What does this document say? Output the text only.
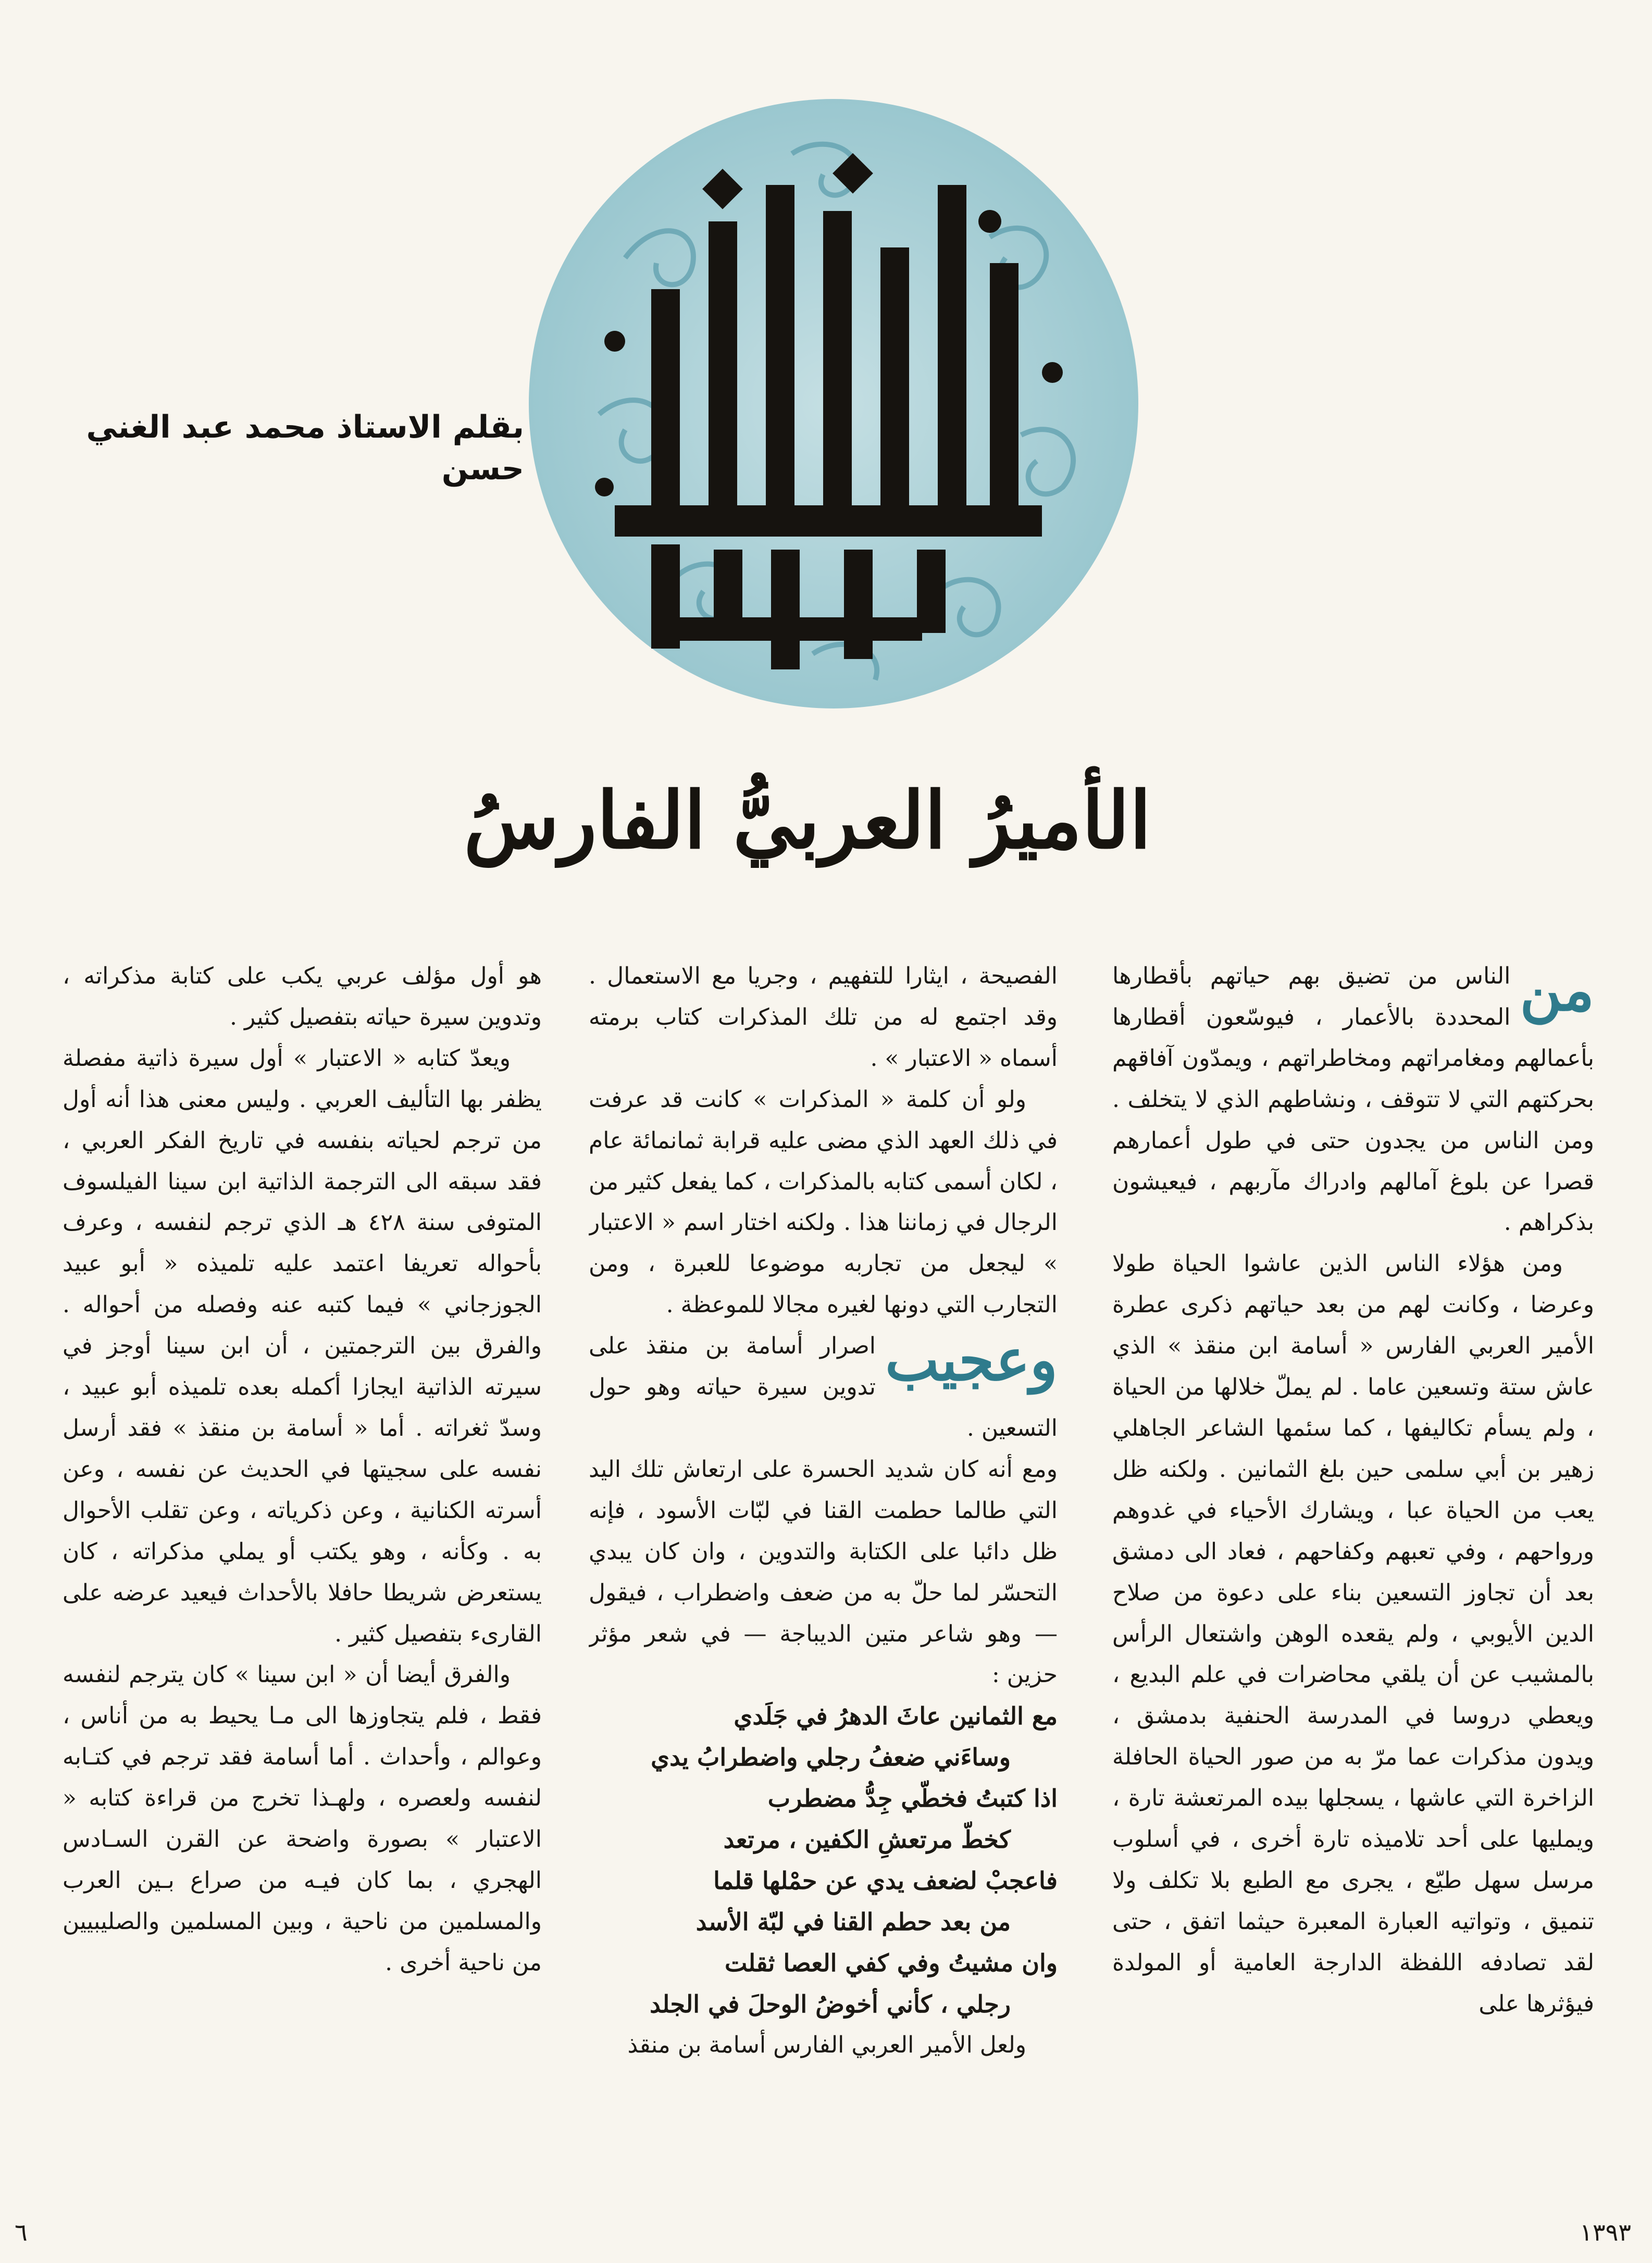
بقلم الاستاذ محمد عبد الغني حسن
الأميرُ العربيُّ الفارسُ

من
الناس من تضيق بهم حياتهم بأقطارها المحددة بالأعمار ، فيوسّعون أقطارها بأعمالهم ومغامراتهم ومخاطراتهم ، ويمدّون آفاقهم بحركتهم التي لا تتوقف ، ونشاطهم الذي لا يتخلف . ومن الناس من يجدون حتى في طول أعمارهم قصرا عن بلوغ آمالهم وادراك مآربهم ، فيعيشون بذكراهم .

ومن هؤلاء الناس الذين عاشوا الحياة طولا وعرضا ، وكانت لهم من بعد حياتهم ذكرى عطرة الأمير العربي الفارس « أسامة ابن منقذ » الذي عاش ستة وتسعين عاما . لم يملّ خلالها من الحياة ، ولم يسأم تكاليفها ، كما سئمها الشاعر الجاهلي زهير بن أبي سلمى حين بلغ الثمانين . ولكنه ظل يعب من الحياة عبا ، ويشارك الأحياء في غدوهم ورواحهم ، وفي تعبهم وكفاحهم ، فعاد الى دمشق بعد أن تجاوز التسعين بناء على دعوة من صلاح الدين الأيوبي ، ولم يقعده الوهن واشتعال الرأس بالمشيب عن أن يلقي محاضرات في علم البديع ، ويعطي دروسا في المدرسة الحنفية بدمشق ، ويدون مذكرات عما مرّ به من صور الحياة الحافلة الزاخرة التي عاشها ، يسجلها بيده المرتعشة تارة ، ويمليها على أحد تلاميذه تارة أخرى ، في أسلوب مرسل سهل طيّع ، يجرى مع الطبع بلا تكلف ولا تنميق ، وتواتيه العبارة المعبرة حيثما اتفق ، حتى لقد تصادفه اللفظة الدارجة العامية أو المولدة فيؤثرها على

الفصيحة ، ايثارا للتفهيم ، وجريا مع الاستعمال . وقد اجتمع له من تلك المذكرات كتاب برمته أسماه « الاعتبار » .

ولو أن كلمة « المذكرات » كانت قد عرفت في ذلك العهد الذي مضى عليه قرابة ثمانمائة عام ، لكان أسمى كتابه بالمذكرات ، كما يفعل كثير من الرجال في زماننا هذا . ولكنه اختار اسم « الاعتبار » ليجعل من تجاربه موضوعا للعبرة ، ومن التجارب التي دونها لغيره مجالا للموعظة .

وعجيب
اصرار أسامة بن منقذ على تدوين سيرة حياته وهو حول التسعين .

ومع أنه كان شديد الحسرة على ارتعاش تلك اليد التي طالما حطمت القنا في لبّات الأسود ، فإنه ظل دائبا على الكتابة والتدوين ، وان كان يبدي التحسّر لما حلّ به من ضعف واضطراب ، فيقول — وهو شاعر متين الديباجة — في شعر مؤثر حزين :

مع الثمانين عاثَ الدهرُ في جَلَدي

وساءَني ضعفُ رجلي واضطرابُ يدي

اذا كتبتُ فخطّي جِدُّ مضطرب

كخطّ مرتعشِ الكفين ، مرتعد

فاعجبْ لضعف يدي عن حمْلها قلما

من بعد حطم القنا في لبّة الأسد

وان مشيتُ وفي كفي العصا ثقلت

رجلي ، كأني أخوضُ الوحلَ في الجلد

ولعل الأمير العربي الفارس أسامة بن منقذ

هو أول مؤلف عربي يكب على كتابة مذكراته ، وتدوين سيرة حياته بتفصيل كثير .

ويعدّ كتابه « الاعتبار » أول سيرة ذاتية مفصلة يظفر بها التأليف العربي . وليس معنى هذا أنه أول من ترجم لحياته بنفسه في تاريخ الفكر العربي ، فقد سبقه الى الترجمة الذاتية ابن سينا الفيلسوف المتوفى سنة ٤٢٨ هـ الذي ترجم لنفسه ، وعرف بأحواله تعريفا اعتمد عليه تلميذه « أبو عبيد الجوزجاني » فيما كتبه عنه وفصله من أحواله . والفرق بين الترجمتين ، أن ابن سينا أوجز في سيرته الذاتية ايجازا أكمله بعده تلميذه أبو عبيد ، وسدّ ثغراته . أما « أسامة بن منقذ » فقد أرسل نفسه على سجيتها في الحديث عن نفسه ، وعن أسرته الكنانية ، وعن ذكرياته ، وعن تقلب الأحوال به . وكأنه ، وهو يكتب أو يملي مذكراته ، كان يستعرض شريطا حافلا بالأحداث فيعيد عرضه على القارىء بتفصيل كثير .

والفرق أيضا أن « ابن سينا » كان يترجم لنفسه فقط ، فلم يتجاوزها الى مـا يحيط به من أناس ، وعوالم ، وأحداث . أما أسامة فقد ترجم في كتـابه لنفسه ولعصره ، ولهـذا تخرج من قراءة كتابه « الاعتبار » بصورة واضحة عن القرن السـادس الهجري ، بما كان فيـه من صراع بـين العرب والمسلمين من ناحية ، وبين المسلمين والصليبيين من ناحية أخرى .

٦	١٣٩٣
